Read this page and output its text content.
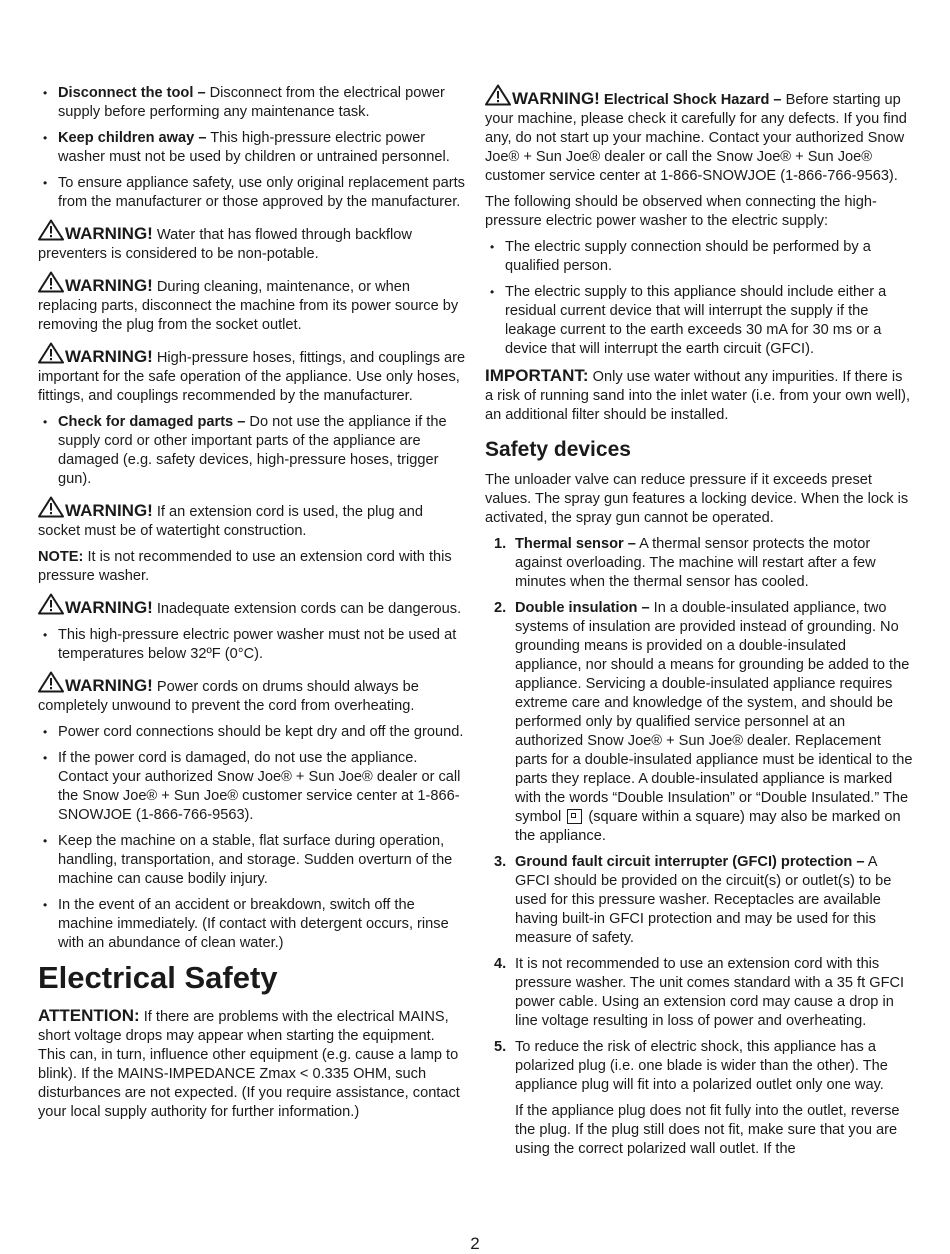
• Disconnect the tool – Disconnect from the electrical power supply before performing any maintenance task.
• Keep children away – This high-pressure electric power washer must not be used by children or untrained personnel.
• To ensure appliance safety, use only original replacement parts from the manufacturer or those approved by the manufacturer.

WARNING! Water that has flowed through backflow preventers is considered to be non-potable.

WARNING! During cleaning, maintenance, or when replacing parts, disconnect the machine from its power source by removing the plug from the socket outlet.

WARNING! High-pressure hoses, fittings, and couplings are important for the safe operation of the appliance. Use only hoses, fittings, and couplings recommended by the manufacturer.

• Check for damaged parts – Do not use the appliance if the supply cord or other important parts of the appliance are damaged (e.g. safety devices, high-pressure hoses, trigger gun).

WARNING! If an extension cord is used, the plug and socket must be of watertight construction.

NOTE: It is not recommended to use an extension cord with this pressure washer.

WARNING! Inadequate extension cords can be dangerous.

• This high-pressure electric power washer must not be used at temperatures below 32ºF (0°C).

WARNING! Power cords on drums should always be completely unwound to prevent the cord from overheating.

• Power cord connections should be kept dry and off the ground.
• If the power cord is damaged, do not use the appliance. Contact your authorized Snow Joe® + Sun Joe® dealer or call the Snow Joe® + Sun Joe® customer service center at 1-866-SNOWJOE (1-866-766-9563).
• Keep the machine on a stable, flat surface during operation, handling, transportation, and storage. Sudden overturn of the machine can cause bodily injury.
• In the event of an accident or breakdown, switch off the machine immediately. (If contact with detergent occurs, rinse with an abundance of clean water.)
Electrical Safety

ATTENTION: If there are problems with the electrical MAINS, short voltage drops may appear when starting the equipment. This can, in turn, influence other equipment (e.g. cause a lamp to blink). If the MAINS-IMPEDANCE Zmax < 0.335 OHM, such disturbances are not expected. (If you require assistance, contact your local supply authority for further information.)

WARNING! Electrical Shock Hazard – Before starting up your machine, please check it carefully for any defects. If you find any, do not start up your machine. Contact your authorized Snow Joe® + Sun Joe® dealer or call the Snow Joe® + Sun Joe® customer service center at 1-866-SNOWJOE (1-866-766-9563).

The following should be observed when connecting the high-pressure electric power washer to the electric supply:

• The electric supply connection should be performed by a qualified person.
• The electric supply to this appliance should include either a residual current device that will interrupt the supply if the leakage current to the earth exceeds 30 mA for 30 ms or a device that will interrupt the earth circuit (GFCI).

IMPORTANT: Only use water without any impurities. If there is a risk of running sand into the inlet water (i.e. from your own well), an additional filter should be installed.

Safety devices

The unloader valve can reduce pressure if it exceeds preset values. The spray gun features a locking device. When the lock is activated, the spray gun cannot be operated.

1. Thermal sensor – A thermal sensor protects the motor against overloading. The machine will restart after a few minutes when the thermal sensor has cooled.
2. Double insulation – In a double-insulated appliance, two systems of insulation are provided instead of grounding. No grounding means is provided on a double-insulated appliance, nor should a means for grounding be added to the appliance. Servicing a double-insulated appliance requires extreme care and knowledge of the system, and should be performed only by qualified service personnel at an authorized Snow Joe® + Sun Joe® dealer. Replacement parts for a double-insulated appliance must be identical to the parts they replace. A double-insulated appliance is marked with the words “Double Insulation” or “Double Insulated.” The symbol  (square within a square) may also be marked on the appliance.
3. Ground fault circuit interrupter (GFCI) protection – A GFCI should be provided on the circuit(s) or outlet(s) to be used for this pressure washer. Receptacles are available having built-in GFCI protection and may be used for this measure of safety.
4. It is not recommended to use an extension cord with this pressure washer. The unit comes standard with a 35 ft GFCI power cable. Using an extension cord may cause a drop in line voltage resulting in loss of power and overheating.
5. To reduce the risk of electric shock, this appliance has a polarized plug (i.e. one blade is wider than the other). The appliance plug will fit into a polarized outlet only one way.
If the appliance plug does not fit fully into the outlet, reverse the plug. If the plug still does not fit, make sure that you are using the correct polarized wall outlet. If the
2
